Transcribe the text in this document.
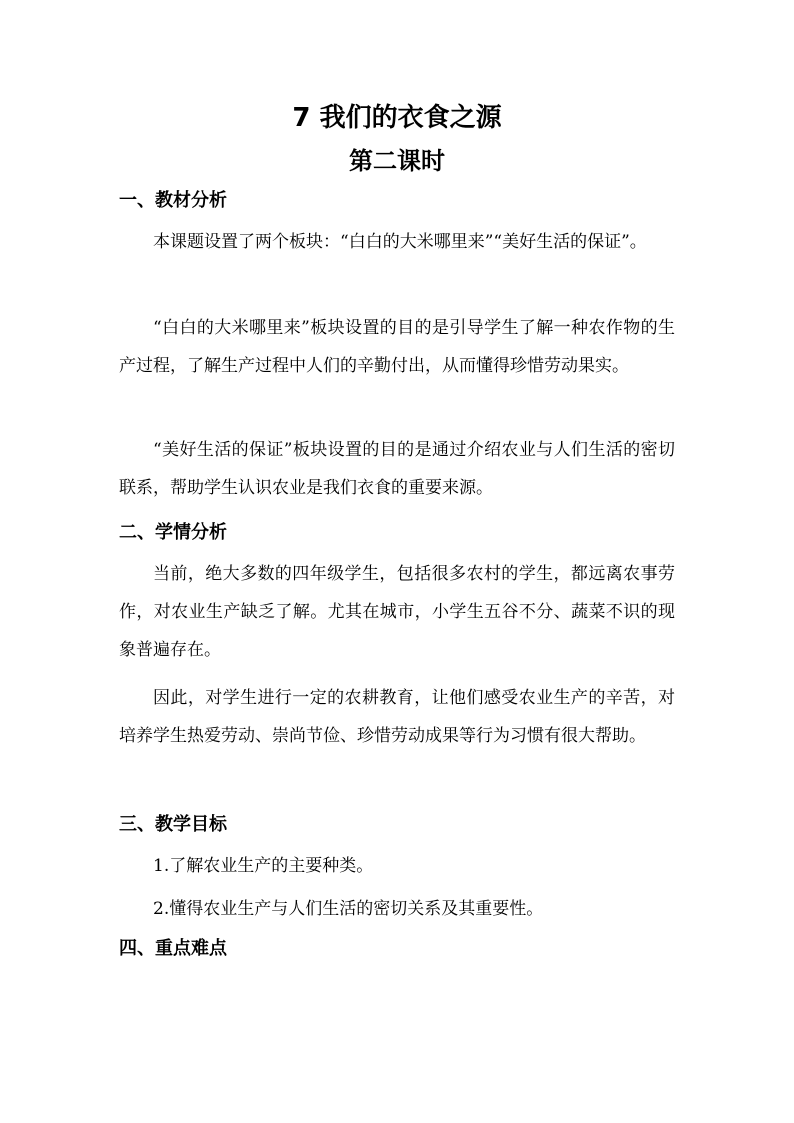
7 我们的衣食之源
第二课时
一、教材分析

本课题设置了两个板块：“白白的大米哪里来”“美好生活的保证”。

“白白的大米哪里来”板块设置的目的是引导学生了解一种农作物的生产过程，了解生产过程中人们的辛勤付出，从而懂得珍惜劳动果实。

“美好生活的保证”板块设置的目的是通过介绍农业与人们生活的密切联系，帮助学生认识农业是我们衣食的重要来源。

二、学情分析

当前，绝大多数的四年级学生，包括很多农村的学生，都远离农事劳作，对农业生产缺乏了解。尤其在城市，小学生五谷不分、蔬菜不识的现象普遍存在。

因此，对学生进行一定的农耕教育，让他们感受农业生产的辛苦，对培养学生热爱劳动、崇尚节俭、珍惜劳动成果等行为习惯有很大帮助。

三、教学目标

1.了解农业生产的主要种类。

2.懂得农业生产与人们生活的密切关系及其重要性。

四、重点难点
